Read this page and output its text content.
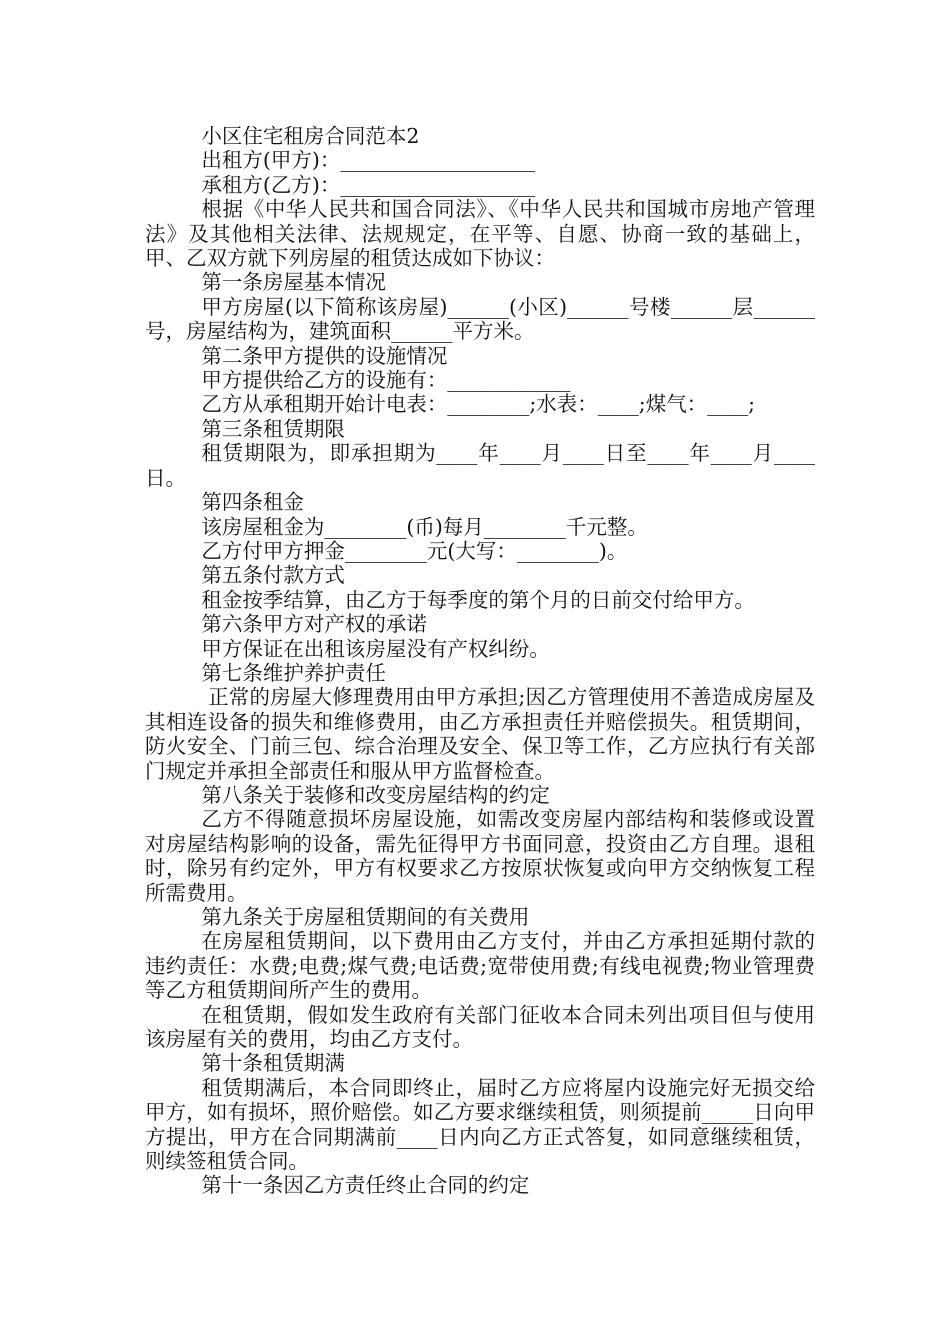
小区住宅租房合同范本2

出租方(甲方)：___________________

承租方(乙方)：___________________

根据《中华人民共和国合同法》、《中华人民共和国城市房地产管理法》及其他相关法律、法规规定，在平等、自愿、协商一致的基础上，甲、乙双方就下列房屋的租赁达成如下协议：

第一条房屋基本情况

甲方房屋(以下简称该房屋)______(小区)______号楼______层______号，房屋结构为，建筑面积______平方米。

第二条甲方提供的设施情况

甲方提供给乙方的设施有：____________

乙方从承租期开始计电表：________;水表：____;煤气：____;

第三条租赁期限

租赁期限为，即承担期为____年____月____日至____年____月____日。

第四条租金

该房屋租金为________(币)每月________千元整。

乙方付甲方押金________元(大写：________)。

第五条付款方式

租金按季结算，由乙方于每季度的第个月的日前交付给甲方。

第六条甲方对产权的承诺

甲方保证在出租该房屋没有产权纠纷。

第七条维护养护责任

正常的房屋大修理费用由甲方承担;因乙方管理使用不善造成房屋及其相连设备的损失和维修费用，由乙方承担责任并赔偿损失。租赁期间，防火安全、门前三包、综合治理及安全、保卫等工作，乙方应执行有关部门规定并承担全部责任和服从甲方监督检查。

第八条关于装修和改变房屋结构的约定

乙方不得随意损坏房屋设施，如需改变房屋内部结构和装修或设置对房屋结构影响的设备，需先征得甲方书面同意，投资由乙方自理。退租时，除另有约定外，甲方有权要求乙方按原状恢复或向甲方交纳恢复工程所需费用。

第九条关于房屋租赁期间的有关费用

在房屋租赁期间，以下费用由乙方支付，并由乙方承担延期付款的违约责任：水费;电费;煤气费;电话费;宽带使用费;有线电视费;物业管理费等乙方租赁期间所产生的费用。

在租赁期，假如发生政府有关部门征收本合同未列出项目但与使用该房屋有关的费用，均由乙方支付。

第十条租赁期满

租赁期满后，本合同即终止，届时乙方应将屋内设施完好无损交给甲方，如有损坏，照价赔偿。如乙方要求继续租赁，则须提前_____日向甲方提出，甲方在合同期满前____日内向乙方正式答复，如同意继续租赁，则续签租赁合同。

第十一条因乙方责任终止合同的约定
